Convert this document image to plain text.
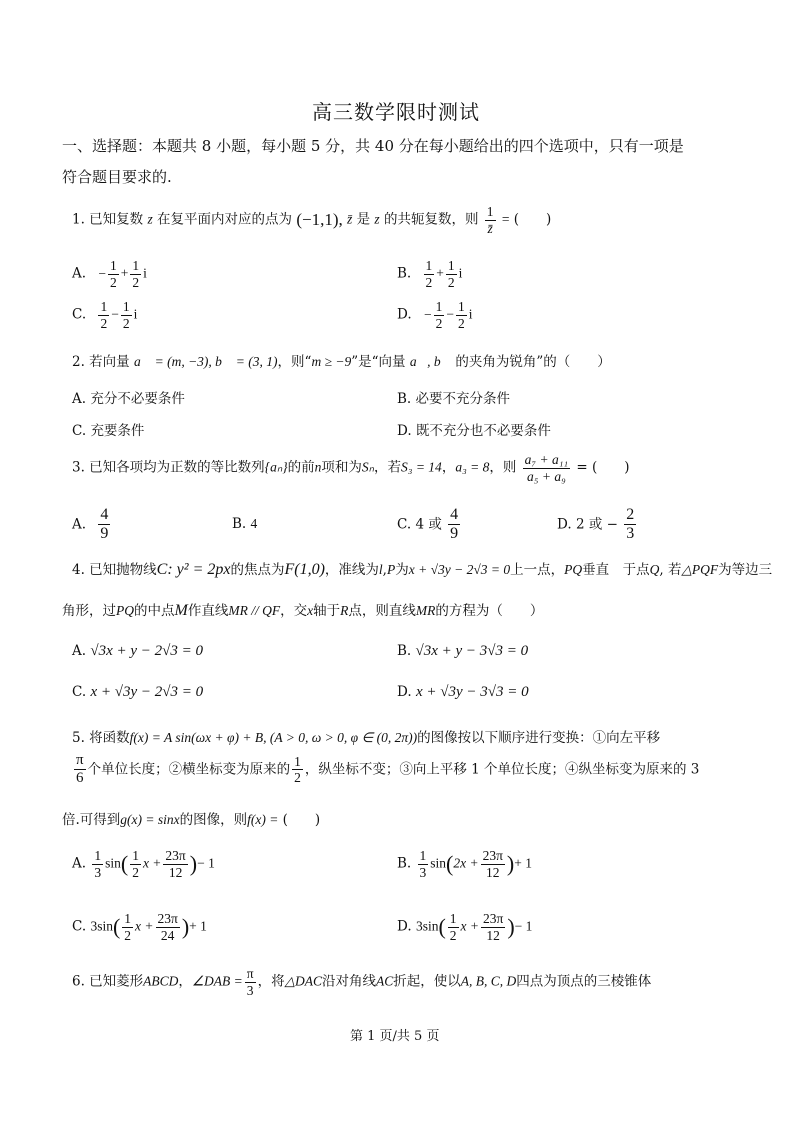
高三数学限时测试
一、选择题：本题共 8 小题，每小题 5 分，共 40 分在每小题给出的四个选项中，只有一项是
符合题目要求的.
1. 已知复数 z 在复平面内对应的点为 (−1,1), z̄ 是 z 的共轭复数，则 $\frac{1}{z̄}$ = (　　)
A. − $\frac{1}{2} + \frac{1}{2}$ i	B. $\frac{1}{2} + \frac{1}{2}$ i
C. $\frac{1}{2} - \frac{1}{2}$ i	D. − $\frac{1}{2} - \frac{1}{2}$ i
2. 若向量 a⃗ = (m, −3), b⃗ = (3, 1)，则“m ≥ −9”是“向量 a⃗, b⃗ 的夹角为锐角”的（　　）
A. 充分不必要条件	B. 必要不充分条件
C. 充要条件	D. 既不充分也不必要条件
3. 已知各项均为正数的等比数列{aₙ}的前n项和为Sₙ，若S₃ = 14，a₃ = 8，则 $\frac{\text{a₇ + a₁₁}}{\text{a₅ + a₉}}$ = (　　)
A. $\frac{4}{9}$	B. 4	C. 4 或 $\frac{4}{9}$	D. 2 或 − $\frac{2}{3}$
4. 已知抛物线C: y² = 2px的焦点为F(1,0)，准线为l,P为x + √3y − 2√3 = 0上一点，PQ垂直　于点Q, 若△PQF为等边三
角形，过PQ的中点M作直线MR // QF，交x轴于R点，则直线MR的方程为（　　）
A. √3x + y − 2√3 = 0	B. √3x + y − 3√3 = 0
C. x + √3y − 2√3 = 0	D. x + √3y − 3√3 = 0
5. 将函数f(x) = A sin(ωx + φ) + B, (A > 0, ω > 0, φ ∈ (0, 2π))的图像按以下顺序进行变换：①向左平移
$\frac{\pi}{6}$ 个单位长度；②横坐标变为原来的 $\frac{1}{2}$ ，纵坐标不变；③向上平移 1 个单位长度；④纵坐标变为原来的 3
倍.可得到g(x) = sinx的图像，则f(x) = (　　)
A. $\frac{1}{3} \sin( \frac{1}{2}$ $x + \frac{23\pi}{12}$ )− 1	B. $\frac{1}{3} \sin(2x + \frac{23\pi}{12}$ )+ 1
C. $3\sin( \frac{1}{2}$ $x + \frac{23\pi}{24}$ )+ 1	D. $3\sin( \frac{1}{2}$ $x + \frac{23\pi}{12}$ )− 1
6. 已知菱形ABCD，∠DAB = $\frac{\pi}{3}$ ，将△DAC沿对角线AC折起，使以A, B, C, D四点为顶点的三棱锥体
第 1 页/共 5 页
